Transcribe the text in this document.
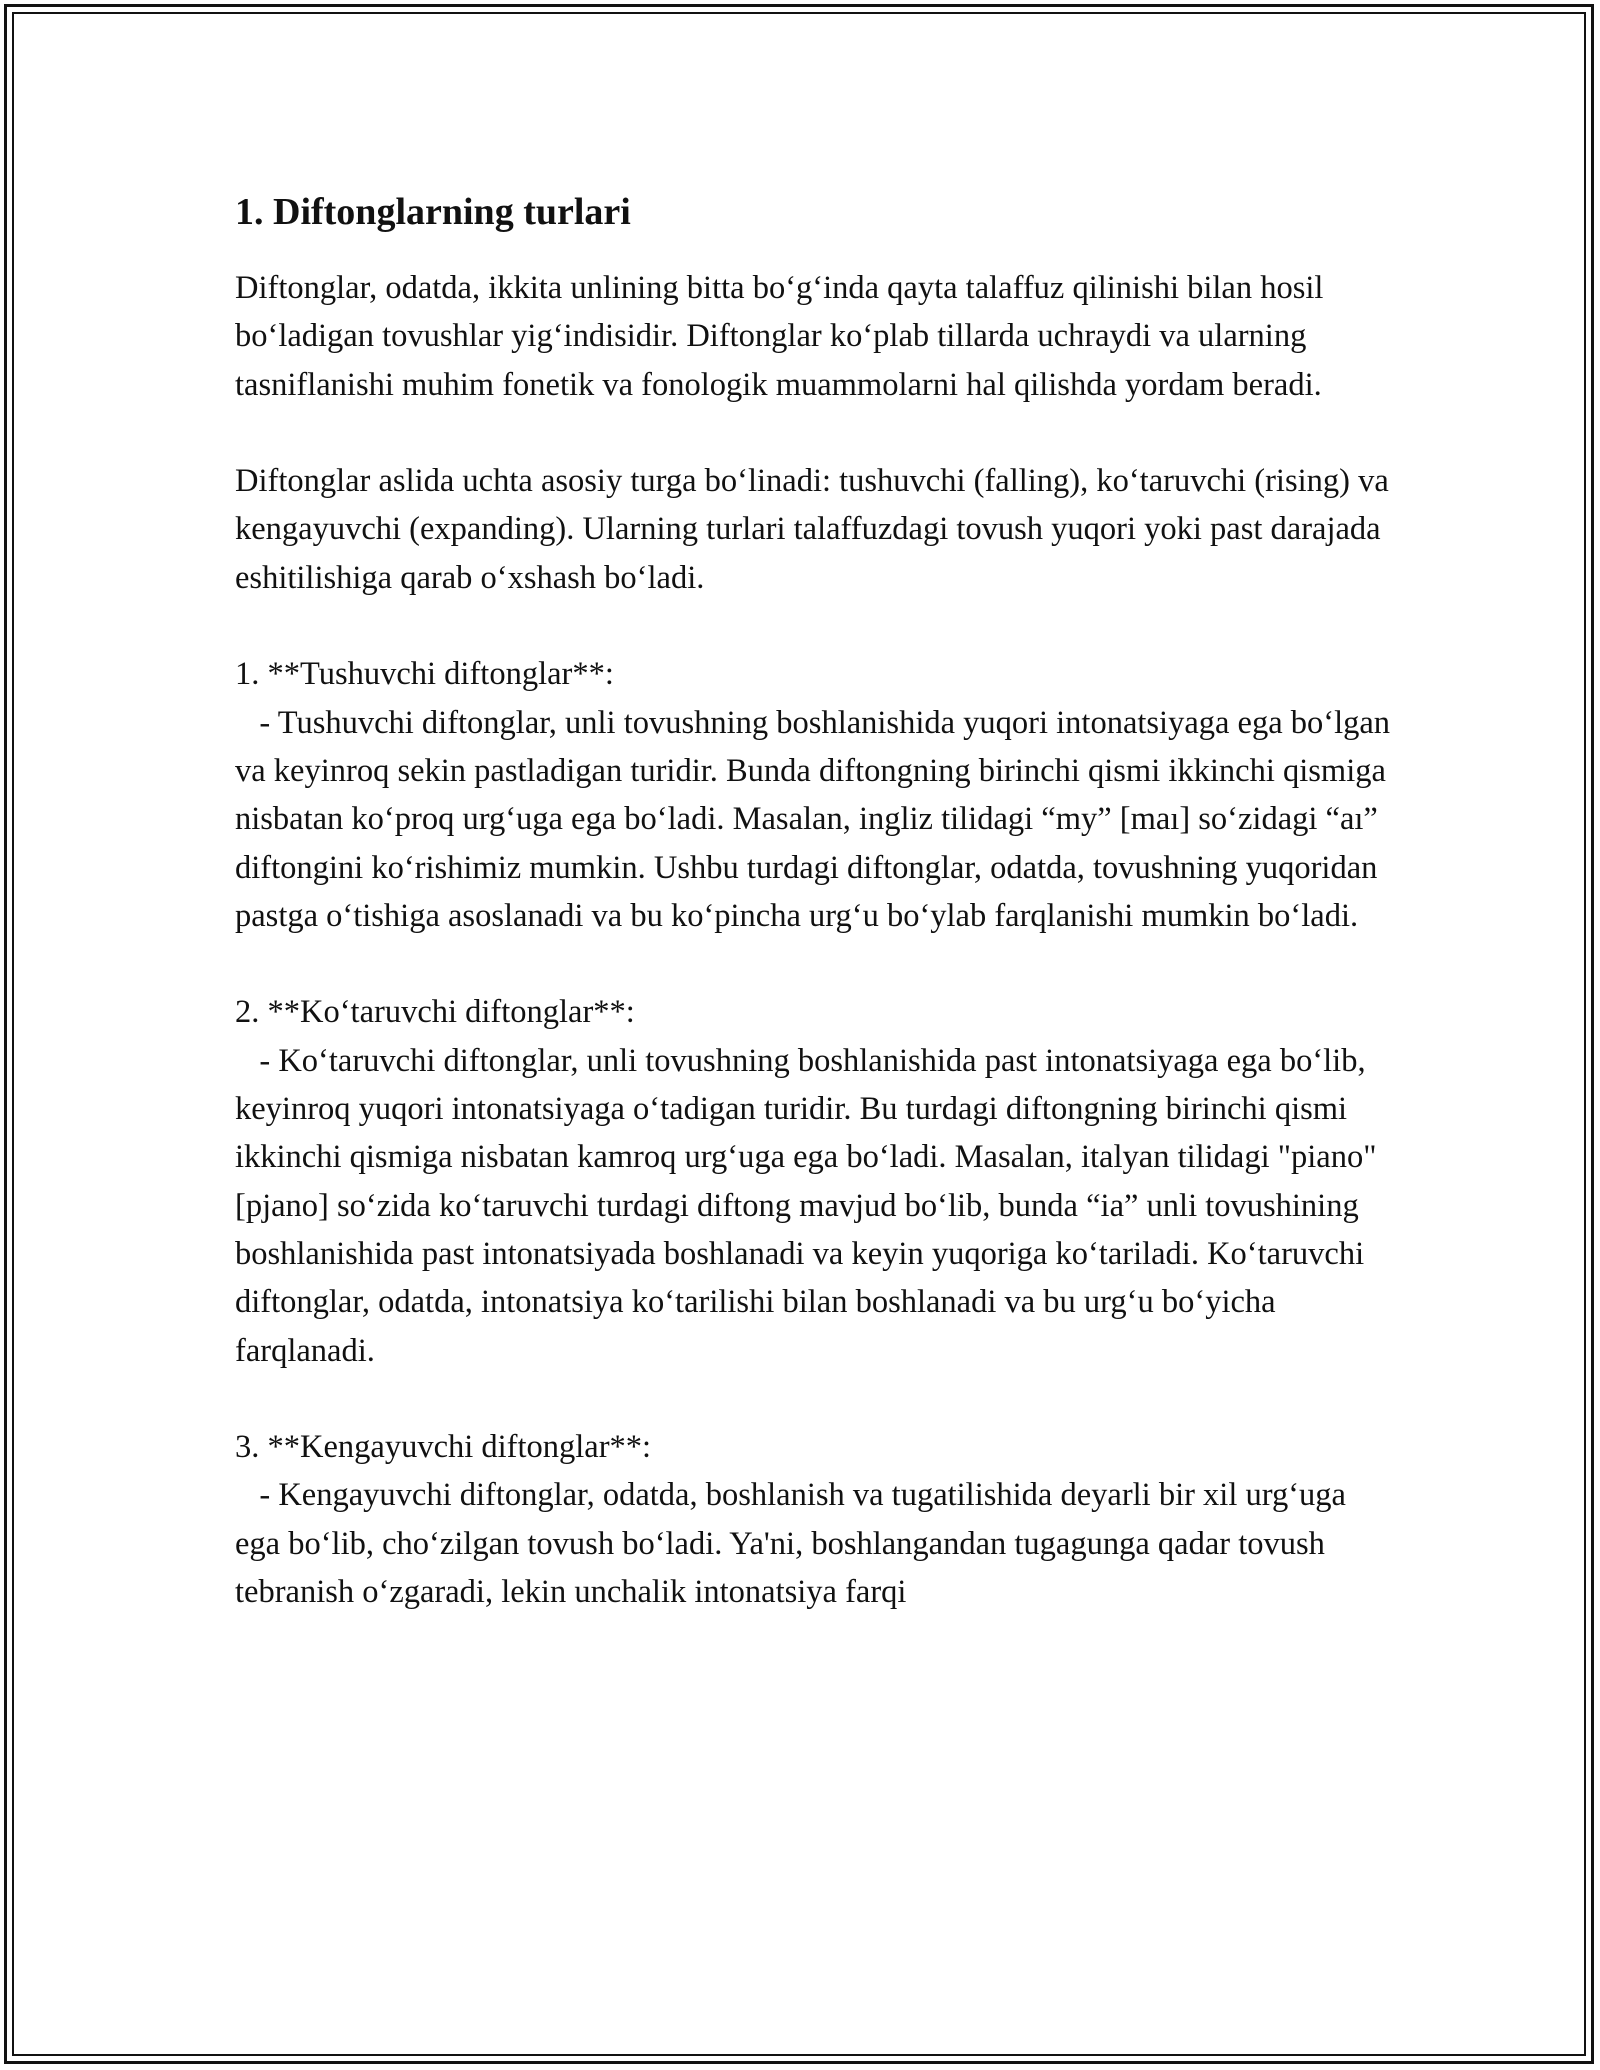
1. Diftonglarning turlari

Diftonglar, odatda, ikkita unlining bitta bo‘g‘inda qayta talaffuz qilinishi bilan hosil bo‘ladigan tovushlar yig‘indisidir. Diftonglar ko‘plab tillarda uchraydi va ularning tasniflanishi muhim fonetik va fonologik muammolarni hal qilishda yordam beradi.

Diftonglar aslida uchta asosiy turga bo‘linadi: tushuvchi (falling), ko‘taruvchi (rising) va kengayuvchi (expanding). Ularning turlari talaffuzdagi tovush yuqori yoki past darajada eshitilishiga qarab o‘xshash bo‘ladi.

1. **Tushuvchi diftonglar**:
- Tushuvchi diftonglar, unli tovushning boshlanishida yuqori intonatsiyaga ega bo‘lgan va keyinroq sekin pastladigan turidir. Bunda diftongning birinchi qismi ikkinchi qismiga nisbatan ko‘proq urg‘uga ega bo‘ladi. Masalan, ingliz tilidagi “my” [maı] so‘zidagi “aı” diftongini ko‘rishimiz mumkin. Ushbu turdagi diftonglar, odatda, tovushning yuqoridan pastga o‘tishiga asoslanadi va bu ko‘pincha urg‘u bo‘ylab farqlanishi mumkin bo‘ladi.

2. **Ko‘taruvchi diftonglar**:
- Ko‘taruvchi diftonglar, unli tovushning boshlanishida past intonatsiyaga ega bo‘lib, keyinroq yuqori intonatsiyaga o‘tadigan turidir. Bu turdagi diftongning birinchi qismi ikkinchi qismiga nisbatan kamroq urg‘uga ega bo‘ladi. Masalan, italyan tilidagi "piano" [pjano] so‘zida ko‘taruvchi turdagi diftong mavjud bo‘lib, bunda “ia” unli tovushining boshlanishida past intonatsiyada boshlanadi va keyin yuqoriga ko‘tariladi. Ko‘taruvchi diftonglar, odatda, intonatsiya ko‘tarilishi bilan boshlanadi va bu urg‘u bo‘yicha farqlanadi.

3. **Kengayuvchi diftonglar**:
- Kengayuvchi diftonglar, odatda, boshlanish va tugatilishida deyarli bir xil urg‘uga ega bo‘lib, cho‘zilgan tovush bo‘ladi. Ya'ni, boshlangandan tugagunga qadar tovush tebranish o‘zgaradi, lekin unchalik intonatsiya farqi
